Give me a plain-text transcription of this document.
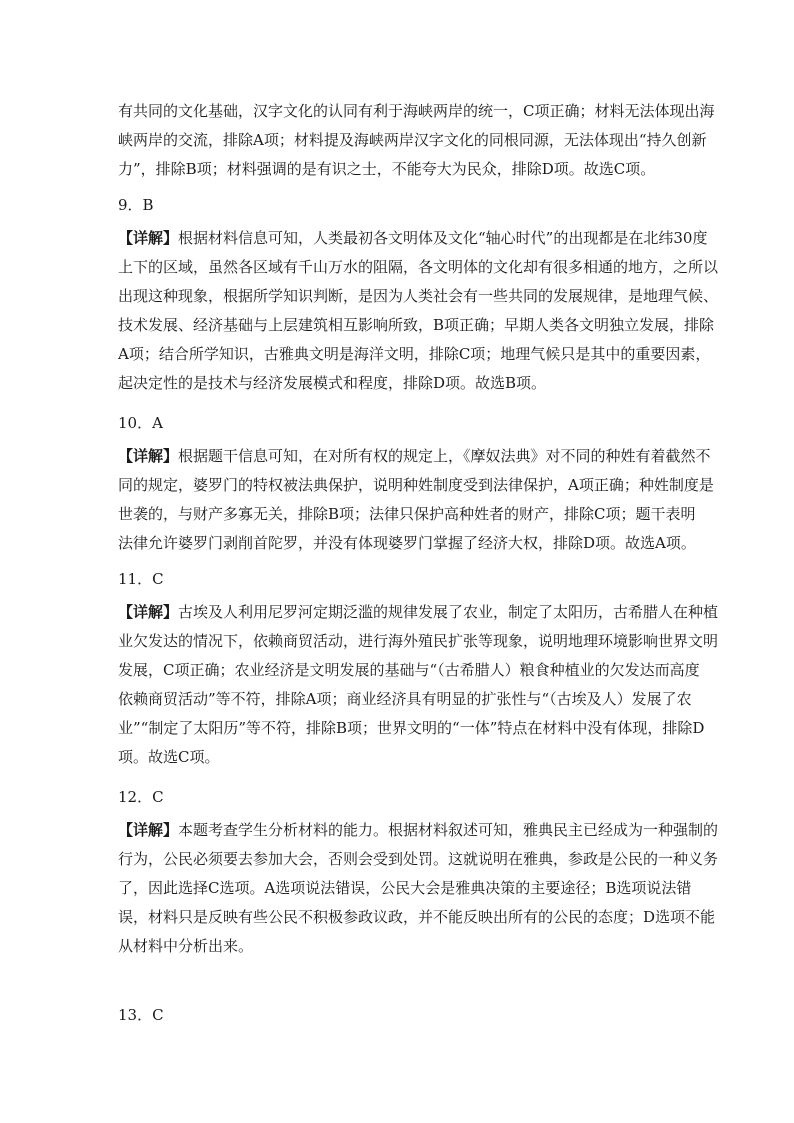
有共同的文化基础，汉字文化的认同有利于海峡两岸的统一，C项正确；材料无法体现出海
峡两岸的交流，排除A项；材料提及海峡两岸汉字文化的同根同源，无法体现出“持久创新
力”，排除B项；材料强调的是有识之士，不能夸大为民众，排除D项。故选C项。
9．B
【详解】根据材料信息可知，人类最初各文明体及文化“轴心时代”的出现都是在北纬30度
上下的区域，虽然各区域有千山万水的阻隔，各文明体的文化却有很多相通的地方，之所以
出现这种现象，根据所学知识判断，是因为人类社会有一些共同的发展规律，是地理气候、
技术发展、经济基础与上层建筑相互影响所致，B项正确；早期人类各文明独立发展，排除
A项；结合所学知识，古雅典文明是海洋文明，排除C项；地理气候只是其中的重要因素，
起决定性的是技术与经济发展模式和程度，排除D项。故选B项。
10．A
【详解】根据题干信息可知，在对所有权的规定上，《摩奴法典》对不同的种姓有着截然不
同的规定，婆罗门的特权被法典保护，说明种姓制度受到法律保护，A项正确；种姓制度是
世袭的，与财产多寡无关，排除B项；法律只保护高种姓者的财产，排除C项；题干表明
法律允许婆罗门剥削首陀罗，并没有体现婆罗门掌握了经济大权，排除D项。故选A项。
11．C
【详解】古埃及人利用尼罗河定期泛滥的规律发展了农业，制定了太阳历，古希腊人在种植
业欠发达的情况下，依赖商贸活动，进行海外殖民扩张等现象，说明地理环境影响世界文明
发展，C项正确；农业经济是文明发展的基础与“（古希腊人）粮食种植业的欠发达而高度
依赖商贸活动”等不符，排除A项；商业经济具有明显的扩张性与“（古埃及人）发展了农
业”“制定了太阳历”等不符，排除B项；世界文明的“一体”特点在材料中没有体现，排除D
项。故选C项。
12．C
【详解】本题考查学生分析材料的能力。根据材料叙述可知，雅典民主已经成为一种强制的
行为，公民必须要去参加大会，否则会受到处罚。这就说明在雅典，参政是公民的一种义务
了，因此选择C选项。A选项说法错误，公民大会是雅典决策的主要途径；B选项说法错
误，材料只是反映有些公民不积极参政议政，并不能反映出所有的公民的态度；D选项不能
从材料中分析出来。
13．C
